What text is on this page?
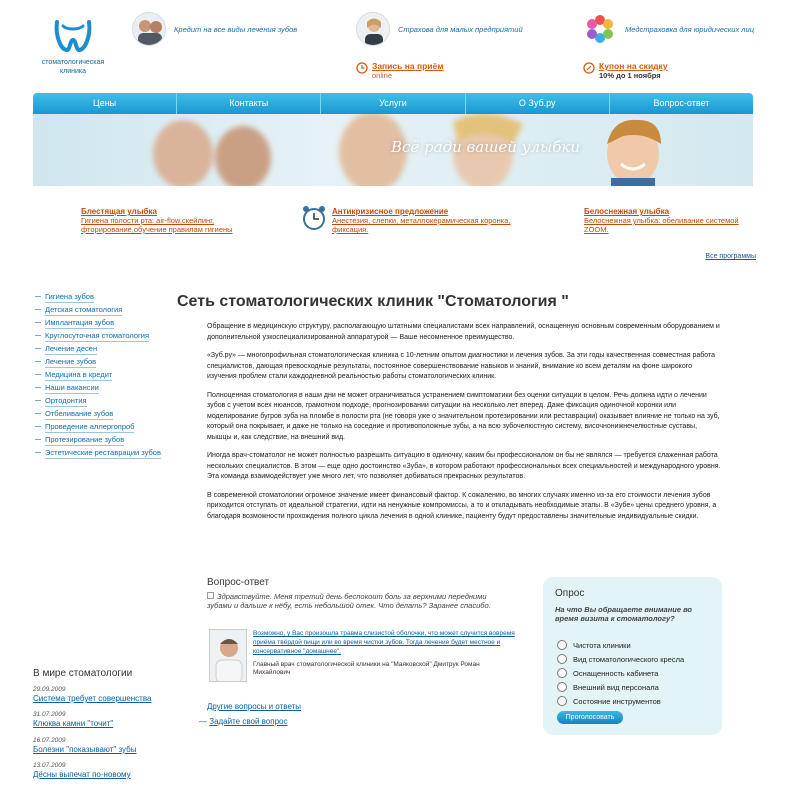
стоматологическая клиника
Кредит на все виды лечения зубов	Страхова для малых предприятий	Медстраховка для юридических лиц
Запись на приём
online
Купон на скидку
10% до 1 ноября
Цены	Контакты	Услуги	О Зуб.ру	Вопрос-ответ
Всё ради вашей улыбки
Блестящая улыбка
Гигиена полости рта: air-flow,скейлинг, фторирование,обучение правилам гигиены
Антикризисное предложение
Анестезия, слепки, металлокерамическая коронка, фиксация.
Белоснежная улыбка
Белоснежная улыбка: обеливание системой ZOOM.
Все программы
Гигиена зубов
Детская стоматология
Имплантация зубов
Круглосуточная стоматология
Лечение десен
Лечение зубов
Медицина в кредит
Наши вакансии
Ортодонтия
Отбеливание зубов
Проведение аллергопроб
Протезирование зубов
Эстетические реставрации зубов
Сеть стоматологических клиник "Стоматология "

Обращение в медицинскую структуру, располагающую штатными специалистами всех направлений, оснащенную основным современным оборудованием и дополнительной узкоспециализированной аппаратурой — Ваше несомненное преимущество.

«Зуб.ру» — многопрофильная стоматологическая клиника с 10-летним опытом диагностики и лечения зубов. За эти годы качественная совместная работа специалистов, дающая превосходные результаты, постоянное совершенствование навыков и знаний, внимание ко всем деталям на фоне широкого изучения проблем стали каждодневной реальностью работы стоматологических клиник.

Полноценная стоматология в наши дни не может ограничиваться устранением симптоматики без оценки ситуации в целом. Речь должна идти о лечении зубов с учетом всех нюансов, грамотном подходе, прогнозировании ситуации на несколько лет вперед. Даже фиксация одиночной коронки или моделирование бугров зуба на пломбе в полости рта (не говоря уже о значительном протезировании или реставрации) оказывает влияние не только на зуб, который она покрывает, и даже не только на соседние и противоположные зубы, а на всю зубочелюстную систему, височнонижнечелюстные суставы, мышцы и, как следствие, на внешний вид.

Иногда врач-стоматолог не может полностью разрешить ситуацию в одиночку, каким бы профессионалом он бы не являлся — требуется слаженная работа нескольких специалистов. В этом — еще одно достоинство «Зуба», в котором работают профессиональных всех специальностей и международного уровня. Эта команда взаимодействует уже много лет, что позволяет добиваться прекрасных результатов.

В современной стоматологии огромное значение имеет финансовый фактор. К сожалению, во многих случаях именно из-за его стоимости лечения зубов приходится отступать от идеальной стратегии, идти на ненужные компромиссы, а то и откладывать необходимые этапы. В «Зубе» цены среднего уровня, а благодаря возможности прохождения полного цикла лечения в одной клинике, пациенту будут предоставлены значительные индивидуальные скидки.

Вопрос-ответ
Здравствуйте. Меня третий день беспокоит боль за верхними передними зубами и дальше к нёбу, есть небольшой отек. Что делать? Заранее спасибо.
Возможно, у Вас произошла травма слизистой оболочки, что может случится вовремя приёма твёрдой пищи или во время чистки зубов. Тогда лечение будет местное и консервативное "домашнее".
Главный врач стоматологической клиники на "Маяковской" Дмитрук Роман Михайлович
Другие вопросы и ответы
— Задайте свой вопрос
Опрос
На что Вы обращаете внимание во время визита к стоматологу?
Чистота клиники
Вид стоматологического кресла
Оснащенность кабинета
Внешний вид персонала
Состояние инструментов
Проголосовать
В мире стоматологии
29.09.2009
Система требует совершенства
31.07.2009
Клюква камни "точит"
16.07.2009
Болезни "показывают" зубы
13.07.2009
Дёсны выпечат по-новому
